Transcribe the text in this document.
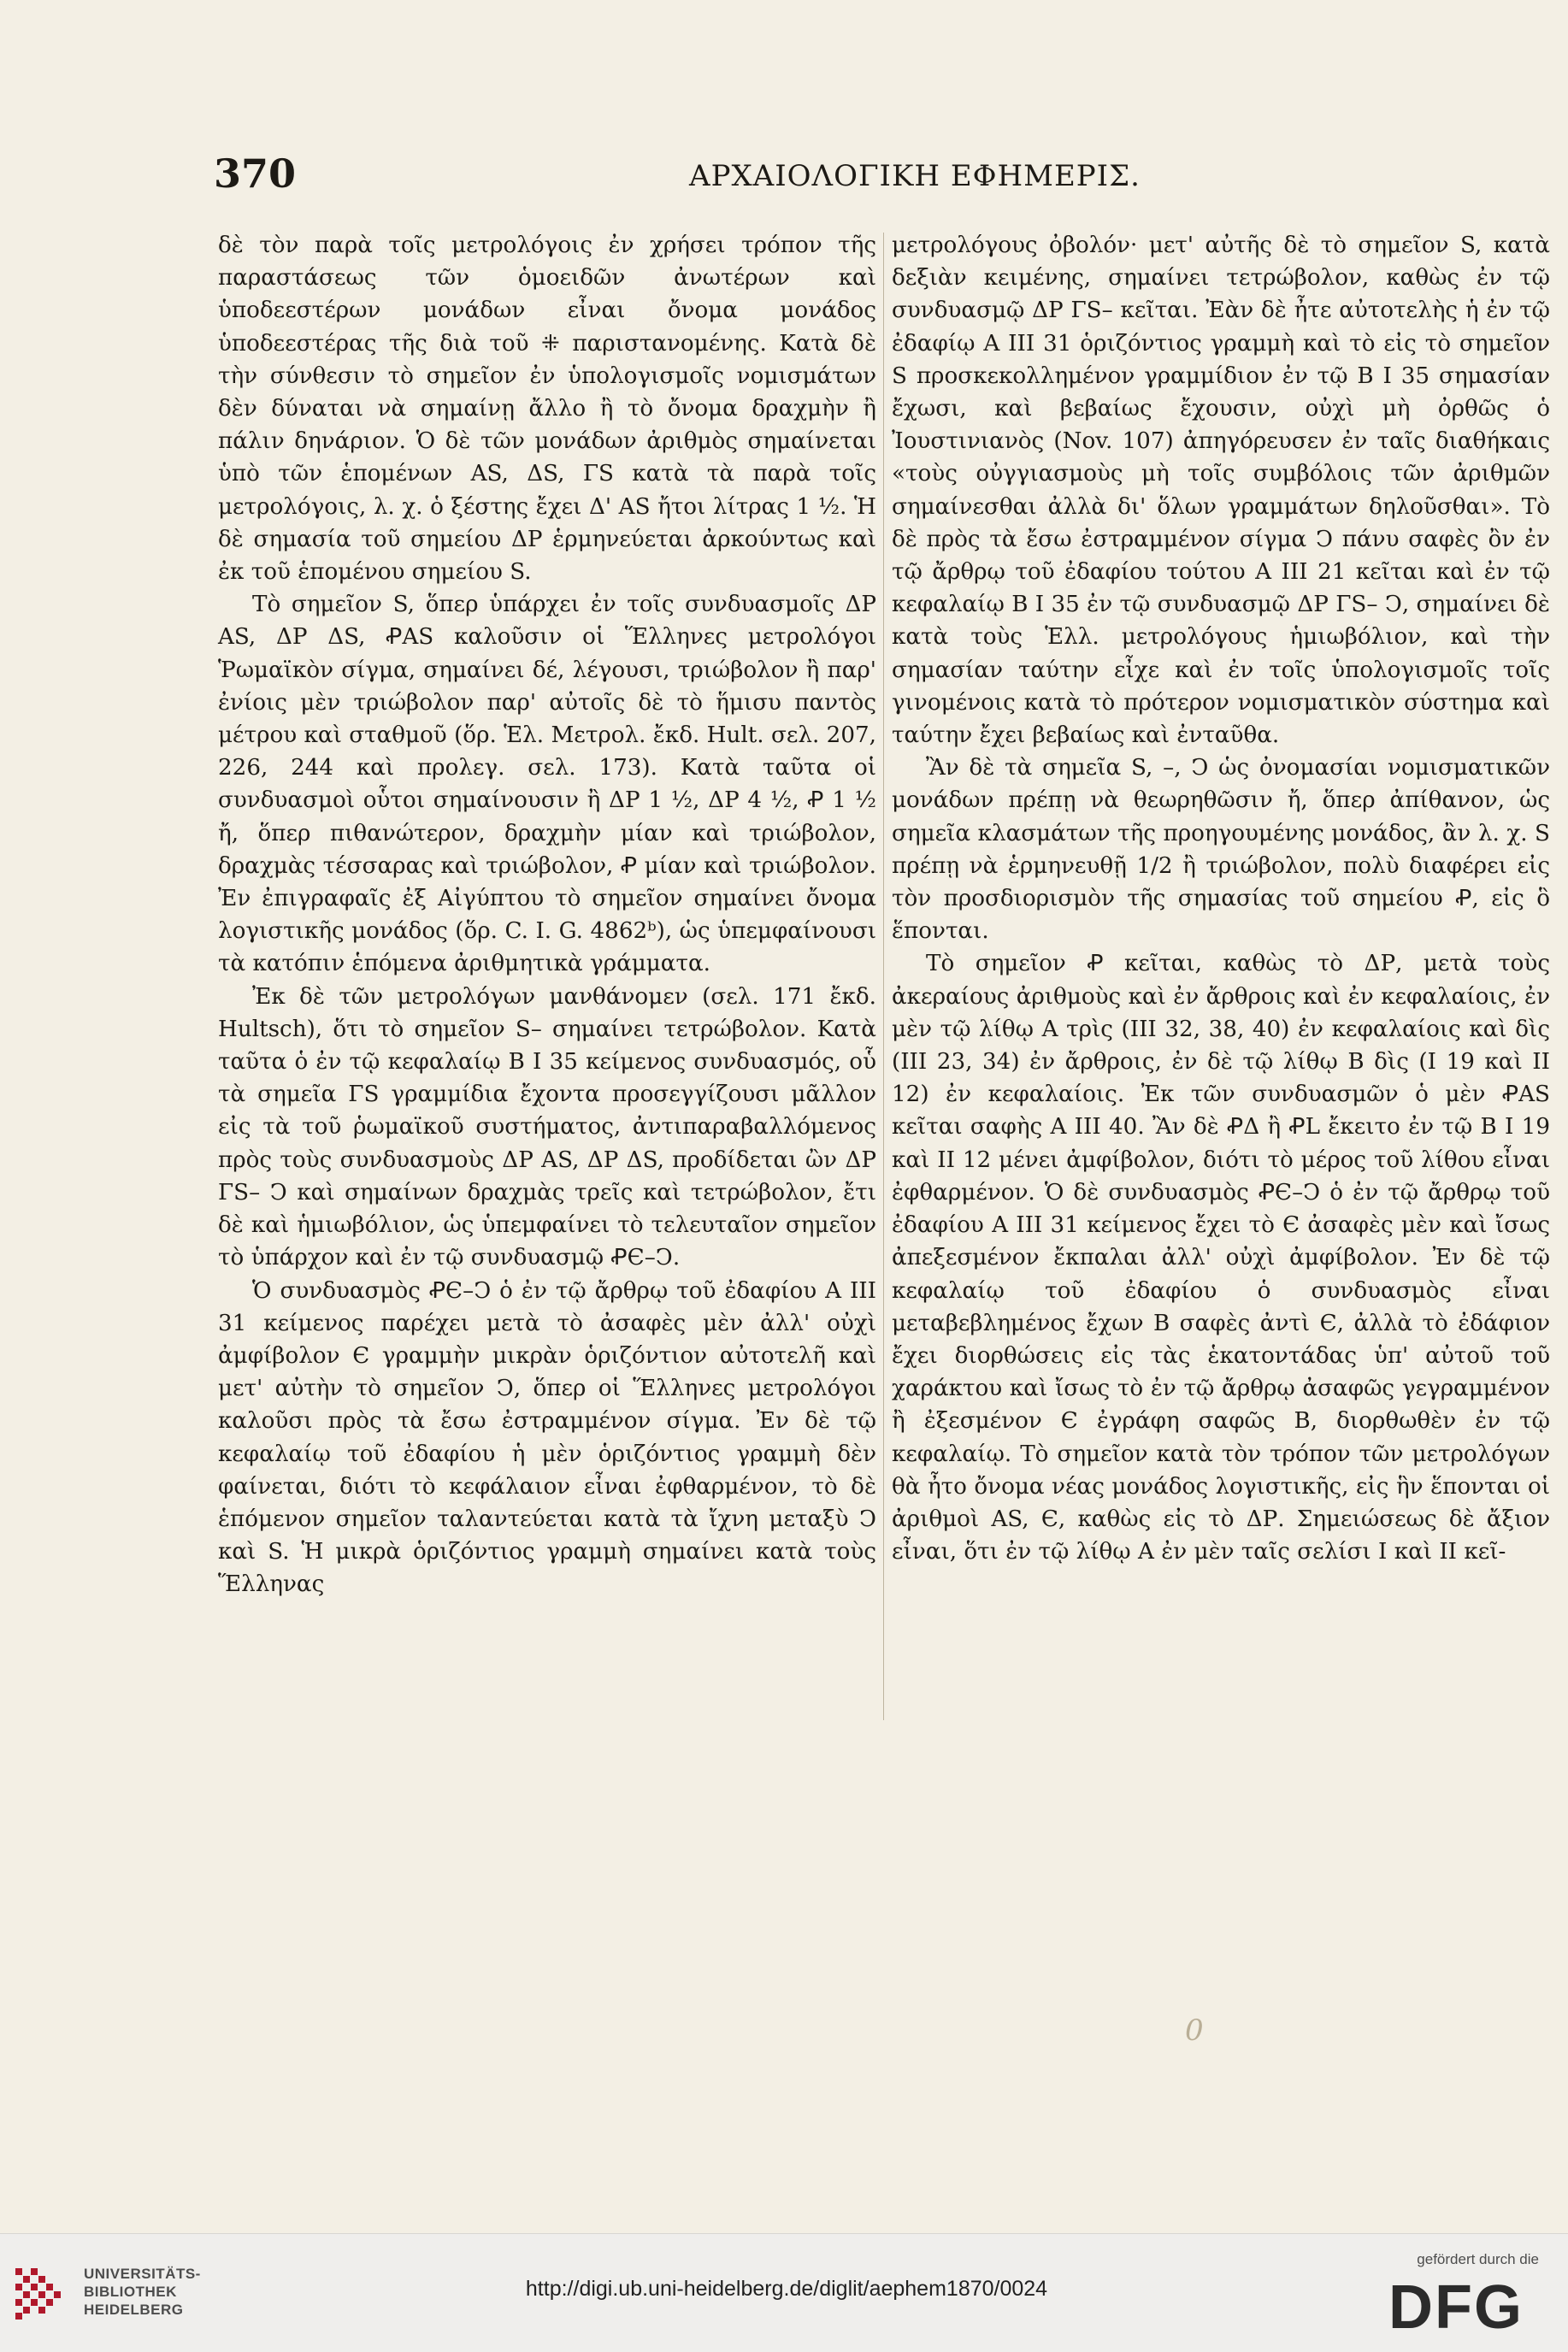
370	ΑΡΧΑΙΟΛΟΓΙΚΗ ΕΦΗΜΕΡΙΣ.

δὲ τὸν παρὰ τοῖς μετρολόγοις ἐν χρήσει τρόπον τῆς παραστάσεως τῶν ὁμοειδῶν ἀνωτέρων καὶ ὑποδεεστέρων μονάδων εἶναι ὄνομα μονάδος ὑποδεεστέρας τῆς διὰ τοῦ ⁜ παριστανομένης. Κατὰ δὲ τὴν σύνθεσιν τὸ σημεῖον ἐν ὑπολογισμοῖς νομισμάτων δὲν δύναται νὰ σημαίνῃ ἄλλο ἢ τὸ ὄνομα δραχμὴν ἢ πάλιν δηνάριον. Ὁ δὲ τῶν μονάδων ἀριθμὸς σημαίνεται ὑπὸ τῶν ἑπομένων AS, ΔS, ΓS κατὰ τὰ παρὰ τοῖς μετρολόγοις, λ. χ. ὁ ξέστης ἔχει Δ' AS ἤτοι λίτρας 1 ½. Ἡ δὲ σημασία τοῦ σημείου ΔΡ ἑρμηνεύεται ἀρκούντως καὶ ἐκ τοῦ ἑπομένου σημείου S.

Τὸ σημεῖον S, ὅπερ ὑπάρχει ἐν τοῖς συνδυασμοῖς ΔΡ AS, ΔΡ ΔS, ꝒAS καλοῦσιν οἱ Ἕλληνες μετρολόγοι Ῥωμαϊκὸν σίγμα, σημαίνει δέ, λέγουσι, τριώβολον ἢ παρ' ἐνίοις μὲν τριώβολον παρ' αὐτοῖς δὲ τὸ ἥμισυ παντὸς μέτρου καὶ σταθμοῦ (ὅρ. Ἑλ. Μετρολ. ἔκδ. Hult. σελ. 207, 226, 244 καὶ προλεγ. σελ. 173). Κατὰ ταῦτα οἱ συνδυασμοὶ οὗτοι σημαίνουσιν ἢ ΔΡ 1 ½, ΔΡ 4 ½, Ꝓ 1 ½ ἤ, ὅπερ πιθανώτερον, δραχμὴν μίαν καὶ τριώβολον, δραχμὰς τέσσαρας καὶ τριώβολον, Ꝓ μίαν καὶ τριώβολον. Ἐν ἐπιγραφαῖς ἐξ Αἰγύπτου τὸ σημεῖον σημαίνει ὄνομα λογιστικῆς μονάδος (ὅρ. C. I. G. 4862ᵇ), ὡς ὑπεμφαίνουσι τὰ κατόπιν ἑπόμενα ἀριθμητικὰ γράμματα.

Ἐκ δὲ τῶν μετρολόγων μανθάνομεν (σελ. 171 ἔκδ. Hultsch), ὅτι τὸ σημεῖον S– σημαίνει τετρώβολον. Κατὰ ταῦτα ὁ ἐν τῷ κεφαλαίῳ Β Ι 35 κείμενος συνδυασμός, οὗ τὰ σημεῖα ΓS γραμμίδια ἔχοντα προσεγγίζουσι μᾶλλον εἰς τὰ τοῦ ῥωμαϊκοῦ συστήματος, ἀντιπαραβαλλόμενος πρὸς τοὺς συνδυασμοὺς ΔΡ AS, ΔΡ ΔS, προδίδεται ὢν ΔΡ ΓS– Ͻ καὶ σημαίνων δραχμὰς τρεῖς καὶ τετρώβολον, ἔτι δὲ καὶ ἡμιωβόλιον, ὡς ὑπεμφαίνει τὸ τελευταῖον σημεῖον τὸ ὑπάρχον καὶ ἐν τῷ συνδυασμῷ ꝒЄ–Ͻ.

Ὁ συνδυασμὸς ꝒЄ–Ͻ ὁ ἐν τῷ ἄρθρῳ τοῦ ἐδαφίου Α ΙΙΙ 31 κείμενος παρέχει μετὰ τὸ ἀσαφὲς μὲν ἀλλ' οὐχὶ ἀμφίβολον Є γραμμὴν μικρὰν ὁριζόντιον αὐτοτελῆ καὶ μετ' αὐτὴν τὸ σημεῖον Ͻ, ὅπερ οἱ Ἕλληνες μετρολόγοι καλοῦσι πρὸς τὰ ἔσω ἐστραμμένον σίγμα. Ἐν δὲ τῷ κεφαλαίῳ τοῦ ἐδαφίου ἡ μὲν ὁριζόντιος γραμμὴ δὲν φαίνεται, διότι τὸ κεφάλαιον εἶναι ἐφθαρμένον, τὸ δὲ ἑπόμενον σημεῖον ταλαντεύεται κατὰ τὰ ἴχνη μεταξὺ Ͻ καὶ S. Ἡ μικρὰ ὁριζόντιος γραμμὴ σημαίνει κατὰ τοὺς Ἕλληνας

μετρολόγους ὀβολόν· μετ' αὐτῆς δὲ τὸ σημεῖον S, κατὰ δεξιὰν κειμένης, σημαίνει τετρώβολον, καθὼς ἐν τῷ συνδυασμῷ ΔΡ ΓS– κεῖται. Ἐὰν δὲ ἦτε αὐτοτελὴς ἡ ἐν τῷ ἐδαφίῳ Α ΙΙΙ 31 ὁριζόντιος γραμμὴ καὶ τὸ εἰς τὸ σημεῖον S προσκεκολλημένον γραμμίδιον ἐν τῷ Β Ι 35 σημασίαν ἔχωσι, καὶ βεβαίως ἔχουσιν, οὐχὶ μὴ ὀρθῶς ὁ Ἰουστινιανὸς (Nov. 107) ἀπηγόρευσεν ἐν ταῖς διαθήκαις «τοὺς οὐγγιασμοὺς μὴ τοῖς συμβόλοις τῶν ἀριθμῶν σημαίνεσθαι ἀλλὰ δι' ὅλων γραμμάτων δηλοῦσθαι». Τὸ δὲ πρὸς τὰ ἔσω ἐστραμμένον σίγμα Ͻ πάνυ σαφὲς ὂν ἐν τῷ ἄρθρῳ τοῦ ἐδαφίου τούτου Α ΙΙΙ 21 κεῖται καὶ ἐν τῷ κεφαλαίῳ Β Ι 35 ἐν τῷ συνδυασμῷ ΔΡ ΓS– Ͻ, σημαίνει δὲ κατὰ τοὺς Ἑλλ. μετρολόγους ἡμιωβόλιον, καὶ τὴν σημασίαν ταύτην εἶχε καὶ ἐν τοῖς ὑπολογισμοῖς τοῖς γινομένοις κατὰ τὸ πρότερον νομισματικὸν σύστημα καὶ ταύτην ἔχει βεβαίως καὶ ἐνταῦθα.

Ἂν δὲ τὰ σημεῖα S, –, Ͻ ὡς ὀνομασίαι νομισματικῶν μονάδων πρέπῃ νὰ θεωρηθῶσιν ἤ, ὅπερ ἀπίθανον, ὡς σημεῖα κλασμάτων τῆς προηγουμένης μονάδος, ἂν λ. χ. S πρέπῃ νὰ ἑρμηνευθῇ 1/2 ἢ τριώβολον, πολὺ διαφέρει εἰς τὸν προσδιορισμὸν τῆς σημασίας τοῦ σημείου Ꝓ, εἰς ὃ ἕπονται.

Τὸ σημεῖον Ꝓ κεῖται, καθὼς τὸ ΔΡ, μετὰ τοὺς ἀκεραίους ἀριθμοὺς καὶ ἐν ἄρθροις καὶ ἐν κεφαλαίοις, ἐν μὲν τῷ λίθῳ Α τρὶς (ΙΙΙ 32, 38, 40) ἐν κεφαλαίοις καὶ δὶς (ΙΙΙ 23, 34) ἐν ἄρθροις, ἐν δὲ τῷ λίθῳ Β δὶς (Ι 19 καὶ ΙΙ 12) ἐν κεφαλαίοις. Ἐκ τῶν συνδυασμῶν ὁ μὲν ꝒAS κεῖται σαφὴς Α ΙΙΙ 40. Ἂν δὲ ꝒΔ ἢ ꝒL ἔκειτο ἐν τῷ Β Ι 19 καὶ ΙΙ 12 μένει ἀμφίβολον, διότι τὸ μέρος τοῦ λίθου εἶναι ἐφθαρμένον. Ὁ δὲ συνδυασμὸς ꝒЄ–Ͻ ὁ ἐν τῷ ἄρθρῳ τοῦ ἐδαφίου Α ΙΙΙ 31 κείμενος ἔχει τὸ Є ἀσαφὲς μὲν καὶ ἴσως ἀπεξεσμένον ἔκπαλαι ἀλλ' οὐχὶ ἀμφίβολον. Ἐν δὲ τῷ κεφαλαίῳ τοῦ ἐδαφίου ὁ συνδυασμὸς εἶναι μεταβεβλημένος ἔχων Β σαφὲς ἀντὶ Є, ἀλλὰ τὸ ἐδάφιον ἔχει διορθώσεις εἰς τὰς ἑκατοντάδας ὑπ' αὐτοῦ τοῦ χαράκτου καὶ ἴσως τὸ ἐν τῷ ἄρθρῳ ἀσαφῶς γεγραμμένον ἢ ἐξεσμένον Є ἐγράφη σαφῶς Β, διορθωθὲν ἐν τῷ κεφαλαίῳ. Τὸ σημεῖον κατὰ τὸν τρόπον τῶν μετρολόγων θὰ ἦτο ὄνομα νέας μονάδος λογιστικῆς, εἰς ἣν ἕπονται οἱ ἀριθμοὶ AS, Є, καθὼς εἰς τὸ ΔΡ. Σημειώσεως δὲ ἄξιον εἶναι, ὅτι ἐν τῷ λίθῳ Α ἐν μὲν ταῖς σελίσι Ι καὶ ΙΙ κεῖ-

0
UNIVERSITÄTS-
BIBLIOTHEK
HEIDELBERG
http://digi.ub.uni-heidelberg.de/diglit/aephem1870/0024
gefördert durch die
DFG
